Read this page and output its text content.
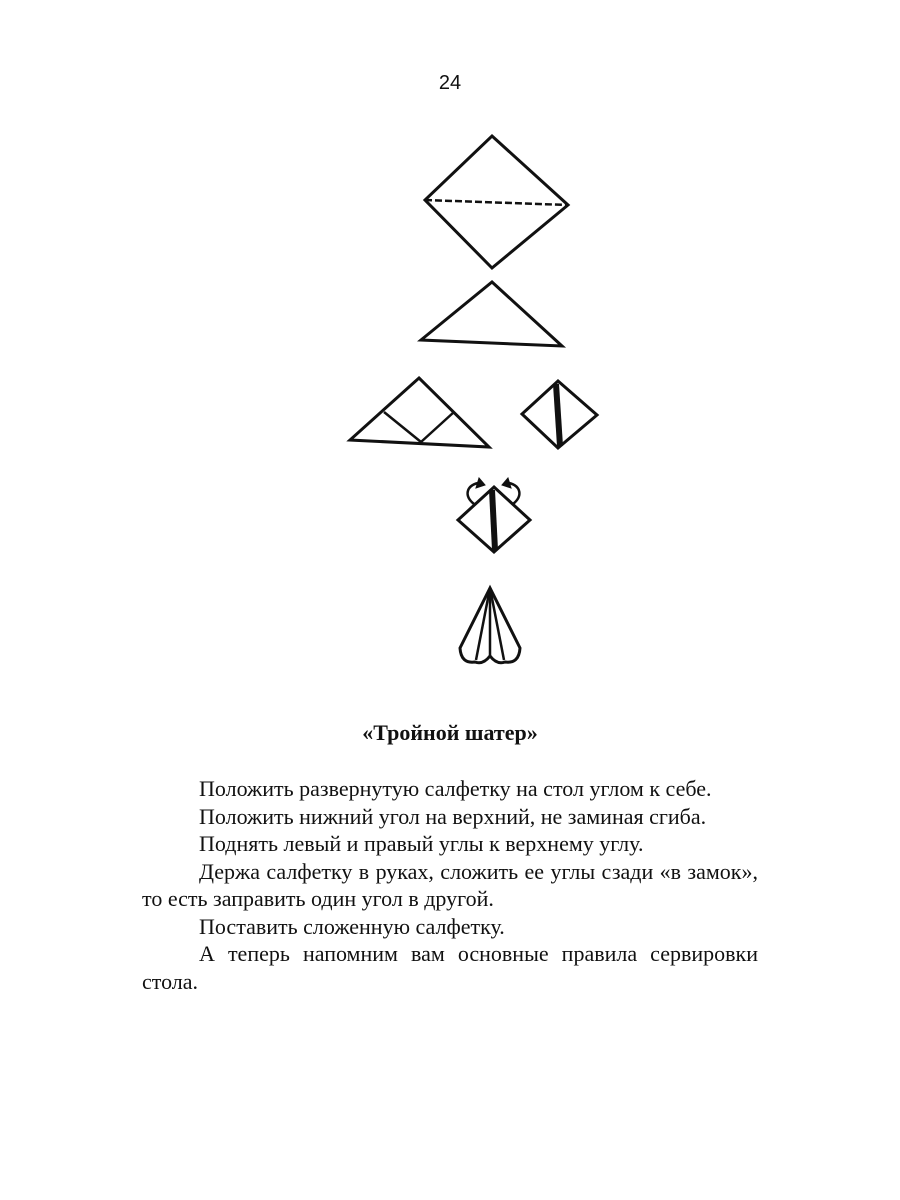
24
«Тройной шатер»

Положить развернутую салфетку на стол углом к себе.

Положить нижний угол на верхний, не заминая сгиба.

Поднять левый и правый углы к верхнему углу.

Держа салфетку в руках, сложить ее углы сзади «в замок», то есть заправить один угол в другой.

Поставить сложенную салфетку.

А теперь напомним вам основные правила сервировки стола.
